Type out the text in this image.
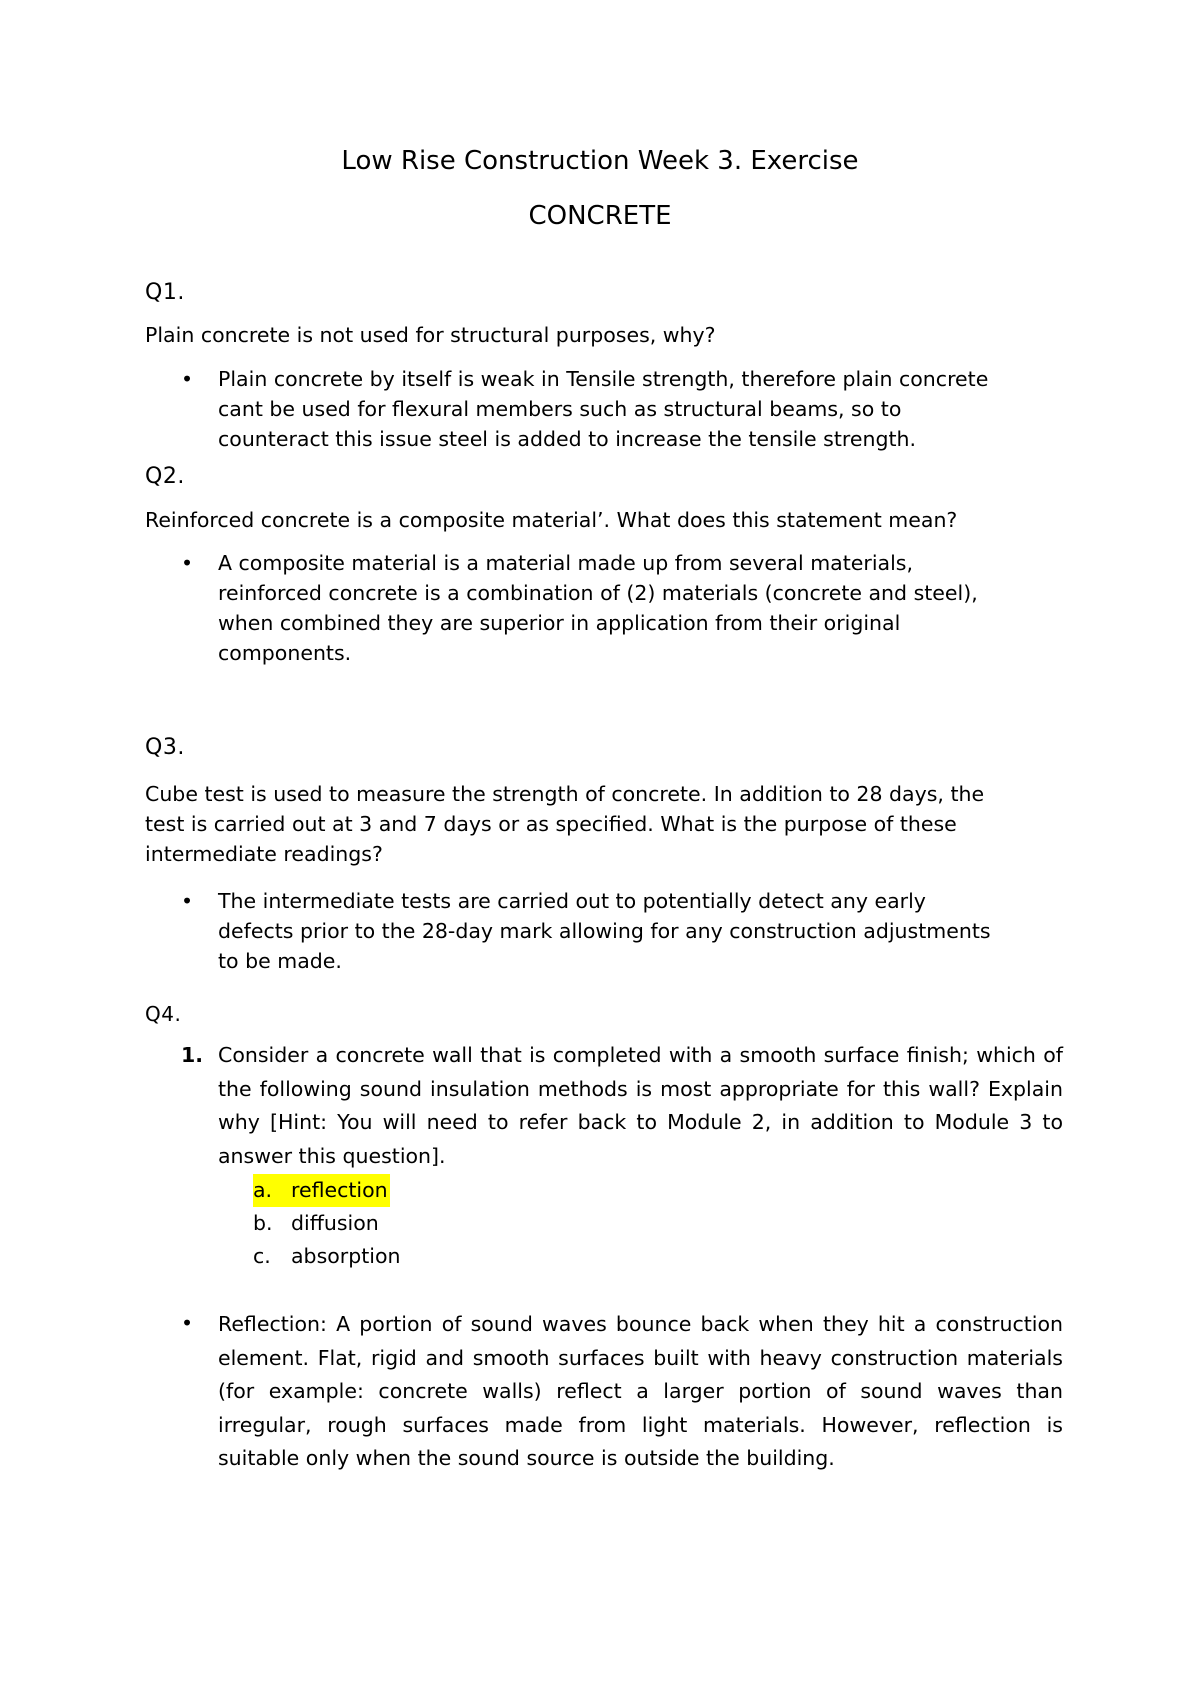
Low Rise Construction Week 3. Exercise
CONCRETE
Q1.
Plain concrete is not used for structural purposes, why?
• Plain concrete by itself is weak in Tensile strength, therefore plain concrete
cant be used for flexural members such as structural beams, so to
counteract this issue steel is added to increase the tensile strength.
Q2.
Reinforced concrete is a composite material’. What does this statement mean?
• A composite material is a material made up from several materials,
reinforced concrete is a combination of (2) materials (concrete and steel),
when combined they are superior in application from their original
components.
Q3.
Cube test is used to measure the strength of concrete. In addition to 28 days, the
test is carried out at 3 and 7 days or as specified. What is the purpose of these
intermediate readings?
• The intermediate tests are carried out to potentially detect any early
defects prior to the 28-day mark allowing for any construction adjustments
to be made.
Q4.
1. Consider a concrete wall that is completed with a smooth surface finish; which of the following sound insulation methods is most appropriate for this wall? Explain why [Hint: You will need to refer back to Module 2, in addition to Module 3 to answer this question].
a. reflection
b. diffusion
c. absorption
• Reflection: A portion of sound waves bounce back when they hit a construction element. Flat, rigid and smooth surfaces built with heavy construction materials (for example: concrete walls) reflect a larger portion of sound waves than irregular, rough surfaces made from light materials. However, reflection is suitable only when the sound source is outside the building.
